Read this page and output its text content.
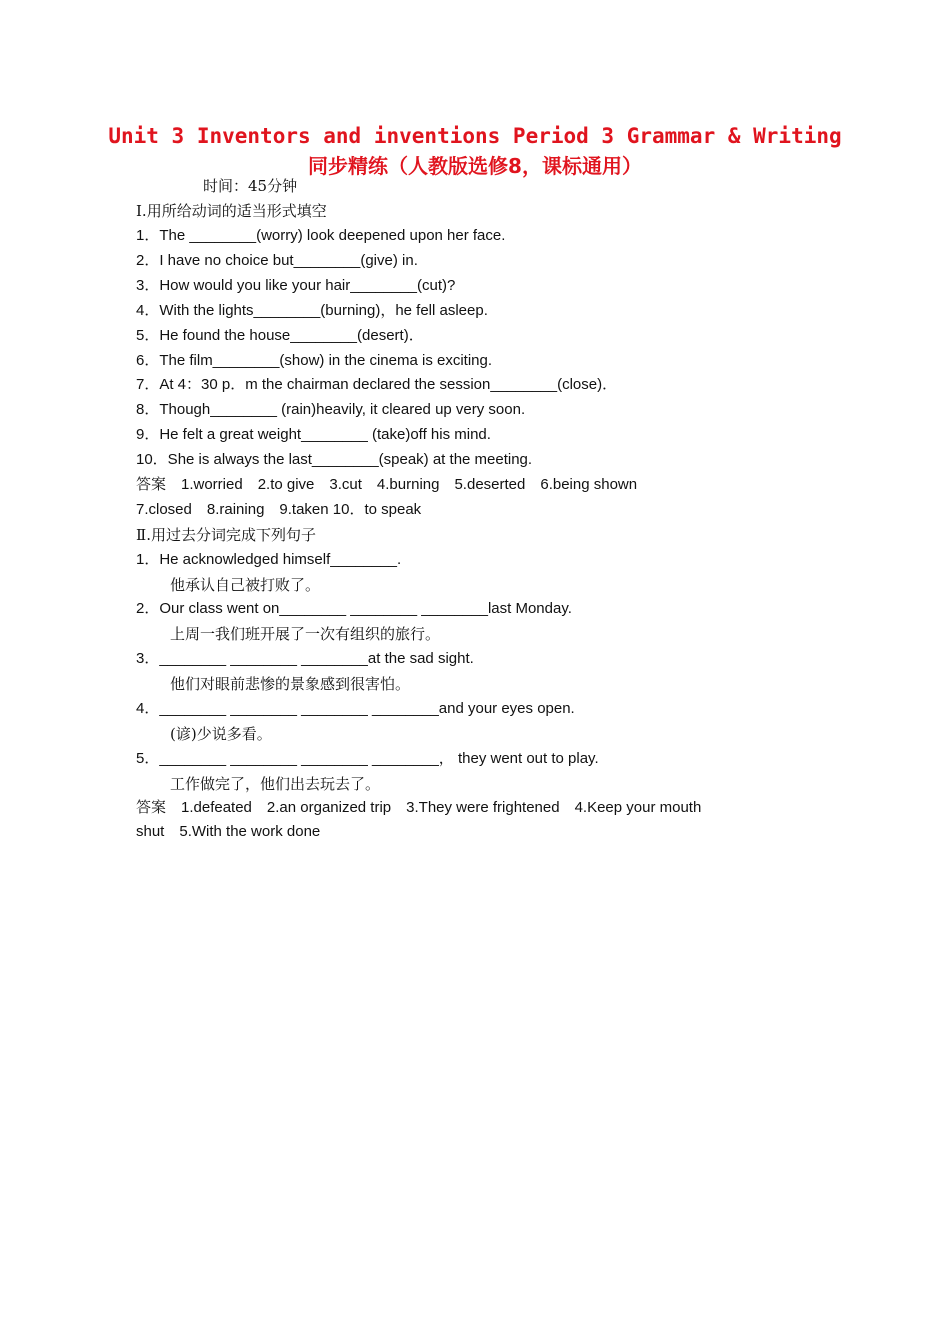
Unit 3 Inventors and inventions Period 3 Grammar & Writing
同步精练（人教版选修8，课标通用）
时间：45分钟
Ⅰ.用所给动词的适当形式填空
1．The ________(worry) look deepened upon her face.
2．I have no choice but________(give) in.
3．How would you like your hair________(cut)?
4．With the lights________(burning)，he fell asleep.
5．He found the house________(desert)．
6．The film________(show) in the cinema is exciting.
7．At 4：30 p．m the chairman declared the session________(close)．
8．Though________ (rain)heavily, it cleared up very soon.
9．He felt a great weight________ (take)off his mind.
10．She is always the last________(speak) at the meeting.
答案　1.worried　2.to give　3.cut　4.burning　5.deserted　6.being shown
7.closed　8.raining　9.taken 10．to speak
Ⅱ.用过去分词完成下列句子
1．He acknowledged himself________.
他承认自己被打败了。
2．Our class went on________ ________ ________last Monday.
上周一我们班开展了一次有组织的旅行。
3．________ ________ ________at the sad sight.
他们对眼前悲惨的景象感到很害怕。
4．________ ________ ________ ________and your eyes open.
(谚)少说多看。
5．________ ________ ________ ________， they went out to play.
工作做完了，他们出去玩去了。
答案　1.defeated　2.an organized trip　3.They were frightened　4.Keep your mouth
shut　5.With the work done
